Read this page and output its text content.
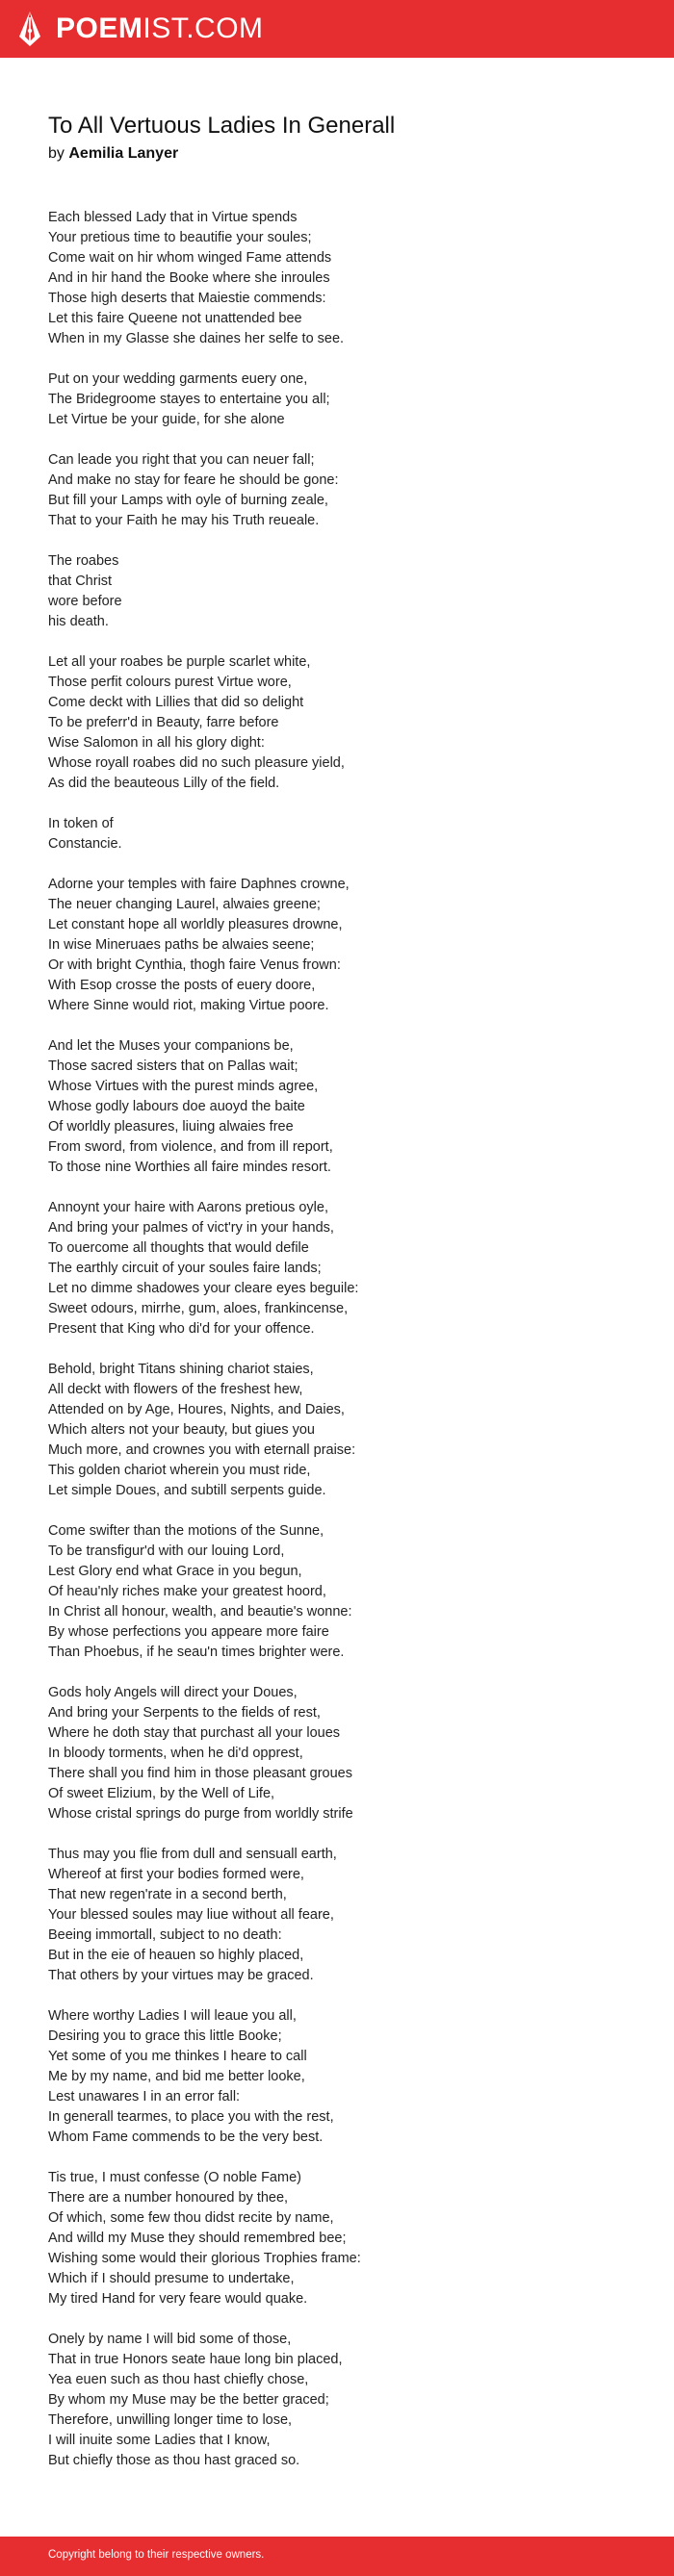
POEMIST.COM
To All Vertuous Ladies In Generall
by Aemilia Lanyer
Each blessed Lady that in Virtue spends
Your pretious time to beautifie your soules;
Come wait on hir whom winged Fame attends
And in hir hand the Booke where she inroules
Those high deserts that Maiestie commends:
Let this faire Queene not unattended bee
When in my Glasse she daines her selfe to see.
Put on your wedding garments euery one,
The Bridegroome stayes to entertaine you all;
Let Virtue be your guide, for she alone
Can leade you right that you can neuer fall;
And make no stay for feare he should be gone:
But fill your Lamps with oyle of burning zeale,
That to your Faith he may his Truth reueale.
The roabes
that Christ
wore before
his death.
Let all your roabes be purple scarlet white,
Those perfit colours purest Virtue wore,
Come deckt with Lillies that did so delight
To be preferr'd in Beauty, farre before
Wise Salomon in all his glory dight:
Whose royall roabes did no such pleasure yield,
As did the beauteous Lilly of the field.
In token of
Constancie.
Adorne your temples with faire Daphnes crowne,
The neuer changing Laurel, alwaies greene;
Let constant hope all worldly pleasures drowne,
In wise Mineruaes paths be alwaies seene;
Or with bright Cynthia, thogh faire Venus frown:
With Esop crosse the posts of euery doore,
Where Sinne would riot, making Virtue poore.
And let the Muses your companions be,
Those sacred sisters that on Pallas wait;
Whose Virtues with the purest minds agree,
Whose godly labours doe auoyd the baite
Of worldly pleasures, liuing alwaies free
From sword, from violence, and from ill report,
To those nine Worthies all faire mindes resort.
Annoynt your haire with Aarons pretious oyle,
And bring your palmes of vict'ry in your hands,
To ouercome all thoughts that would defile
The earthly circuit of your soules faire lands;
Let no dimme shadowes your cleare eyes beguile:
Sweet odours, mirrhe, gum, aloes, frankincense,
Present that King who di'd for your offence.
Behold, bright Titans shining chariot staies,
All deckt with flowers of the freshest hew,
Attended on by Age, Houres, Nights, and Daies,
Which alters not your beauty, but giues you
Much more, and crownes you with eternall praise:
This golden chariot wherein you must ride,
Let simple Doues, and subtill serpents guide.
Come swifter than the motions of the Sunne,
To be transfigur'd with our louing Lord,
Lest Glory end what Grace in you begun,
Of heau'nly riches make your greatest hoord,
In Christ all honour, wealth, and beautie's wonne:
By whose perfections you appeare more faire
Than Phoebus, if he seau'n times brighter were.
Gods holy Angels will direct your Doues,
And bring your Serpents to the fields of rest,
Where he doth stay that purchast all your loues
In bloody torments, when he di'd opprest,
There shall you find him in those pleasant groues
Of sweet Elizium, by the Well of Life,
Whose cristal springs do purge from worldly strife
Thus may you flie from dull and sensuall earth,
Whereof at first your bodies formed were,
That new regen'rate in a second berth,
Your blessed soules may liue without all feare,
Beeing immortall, subject to no death:
But in the eie of heauen so highly placed,
That others by your virtues may be graced.
Where worthy Ladies I will leaue you all,
Desiring you to grace this little Booke;
Yet some of you me thinkes I heare to call
Me by my name, and bid me better looke,
Lest unawares I in an error fall:
In generall tearmes, to place you with the rest,
Whom Fame commends to be the very best.
Tis true, I must confesse (O noble Fame)
There are a number honoured by thee,
Of which, some few thou didst recite by name,
And willd my Muse they should remembred bee;
Wishing some would their glorious Trophies frame:
Which if I should presume to undertake,
My tired Hand for very feare would quake.
Onely by name I will bid some of those,
That in true Honors seate haue long bin placed,
Yea euen such as thou hast chiefly chose,
By whom my Muse may be the better graced;
Therefore, unwilling longer time to lose,
I will inuite some Ladies that I know,
But chiefly those as thou hast graced so.
Copyright belong to their respective owners.
